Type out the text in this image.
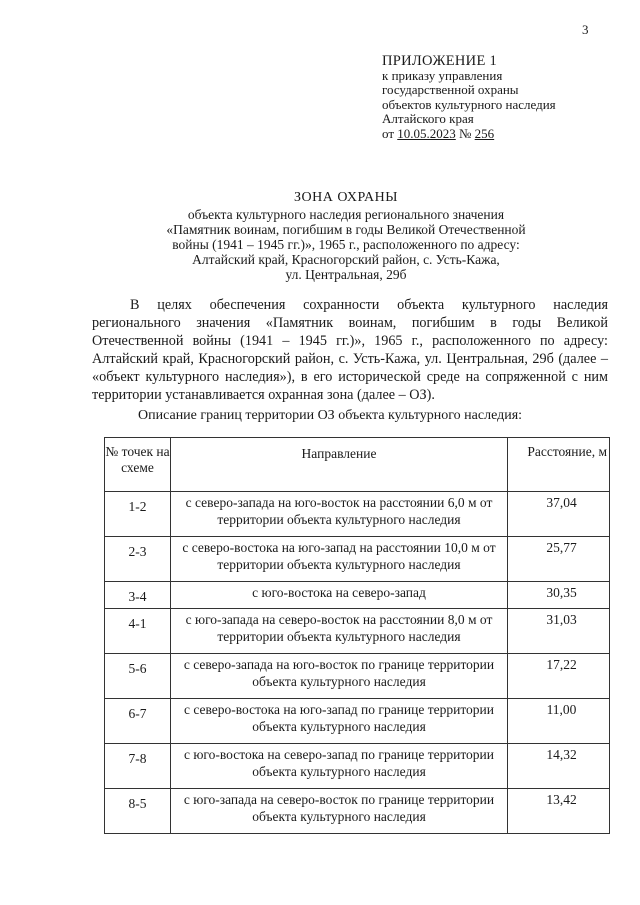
3
ПРИЛОЖЕНИЕ 1
к приказу управления
государственной охраны
объектов культурного наследия
Алтайского края
от 10.05.2023 № 256
ЗОНА ОХРАНЫ
объекта культурного наследия регионального значения
«Памятник воинам, погибшим в годы Великой Отечественной
войны (1941 – 1945 гг.)», 1965 г., расположенного по адресу:
Алтайский край, Красногорский район, с. Усть-Кажа,
ул. Центральная, 29б
В целях обеспечения сохранности объекта культурного наследия регионального значения «Памятник воинам, погибшим в годы Великой Отечественной войны (1941 – 1945 гг.)», 1965 г., расположенного по адресу: Алтайский край, Красногорский район, с. Усть-Кажа, ул. Центральная, 29б (далее – «объект культурного наследия»), в его исторической среде на сопряженной с ним территории устанавливается охранная зона (далее – ОЗ).
Описание границ территории ОЗ объекта культурного наследия:
№ точек на схеме	Направление	Расстояние, м
1-2	с северо-запада на юго-восток на расстоянии 6,0 м от территории объекта культурного наследия	37,04
2-3	с северо-востока на юго-запад на расстоянии 10,0 м от территории объекта культурного наследия	25,77
3-4	с юго-востока на северо-запад	30,35
4-1	с юго-запада на северо-восток на расстоянии 8,0 м от территории объекта культурного наследия	31,03
5-6	с северо-запада на юго-восток по границе территории объекта культурного наследия	17,22
6-7	с северо-востока на юго-запад по границе территории объекта культурного наследия	11,00
7-8	с юго-востока на северо-запад по границе территории объекта культурного наследия	14,32
8-5	с юго-запада на северо-восток по границе территории объекта культурного наследия	13,42
